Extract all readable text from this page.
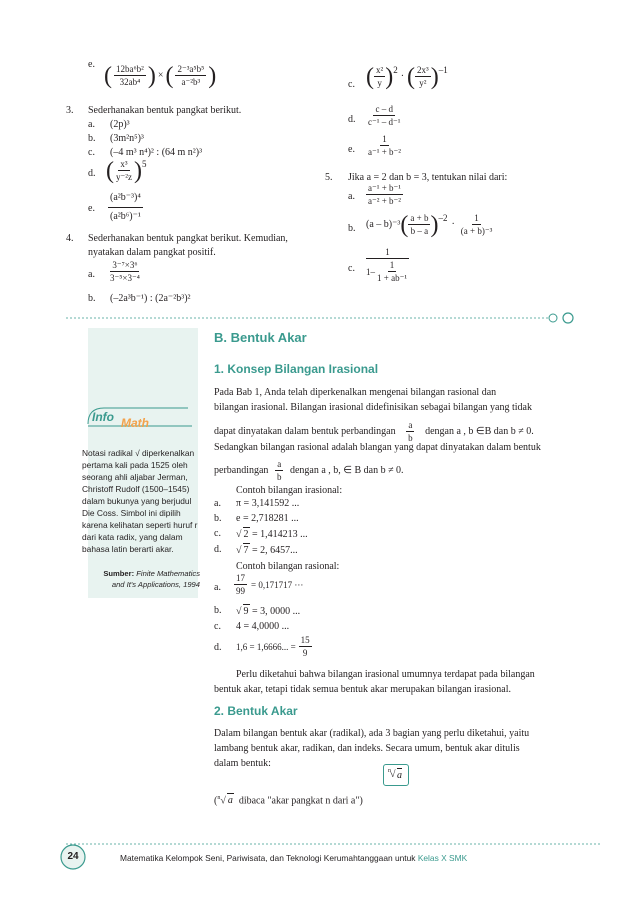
e. ( $\frac{\text{12ba⁶b²}}{\text{32ab⁴}}$ ) × ( $\frac{\text{2⁻³a⁵b⁵}}{\text{a⁻²b³}}$ )
3. Sederhanakan bentuk pangkat berikut.
a. (2p)³
b. (3m²n⁵)³
c. (–4 m³ n⁴)² : (64 m n²)³
d. ( $\frac{\text{x³}}{\text{y⁻²z}}$ ) 5
e. $\frac{\text{(a²b⁻³)⁴}}{\text{(a²b⁶)⁻¹}}$
4. Sederhanakan bentuk pangkat berikut. Kemudian,
nyatakan dalam pangkat positif.
a. $\frac{\text{3⁻⁷×3⁶}}{\text{3⁻⁵×3⁻⁴}}$
b. (–2a³b⁻¹) : (2a⁻²b³)²
c. ( $\frac{\text{x²}}{y}$ ) 2
· ( $\frac{\text{2x³}}{\text{y²}}$ ) –1
d. $\frac{c - d}{\text{c⁻¹ – d⁻¹}}$
e. $\frac{1}{\text{a⁻¹ + b⁻²}}$
5. Jika a = 2 dan b = 3, tentukan nilai dari:
a. $\frac{\text{a⁻¹ + b⁻¹}}{\text{a⁻² + b⁻²}}$
b. (a – b)⁻³ ( $\frac{a + b}{b - a}$ ) –2
· $\frac{1}{\text{(a + b)⁻³}}$
c.
1
$1- \frac{1}{\text{1 + ab⁻¹}}$
Info Math
Notasi radikal √ diperkenalkan pertama kali pada 1525 oleh seorang ahli aljabar Jerman, Christoff Rudolf (1500–1545) dalam bukunya yang berjudul Die Coss. Simbol ini dipilih karena kelihatan seperti huruf r dari kata radix, yang dalam bahasa latin berarti akar.
Sumber: Finite Mathematics and It's Applications, 1994
B. Bentuk Akar
1. Konsep Bilangan Irasional
Pada Bab 1, Anda telah diperkenalkan mengenai bilangan rasional dan
bilangan irasional. Bilangan irasional didefinisikan sebagai bilangan yang tidak
dapat dinyatakan dalam bentuk perbandingan $\frac{a}{b}$ dengan a , b ∈B dan b ≠ 0.
Sedangkan bilangan rasional adalah blangan yang dapat dinyatakan dalam bentuk
perbandingan $\frac{a}{b}$ dengan a , b, ∈ B dan b ≠ 0.
Contoh bilangan irasional:
a. π = 3,141592 ...
b. e = 2,718281 ...
c. √ 2 = 1,414213 ...
d. √ 7 = 2, 6457...
Contoh bilangan rasional:
a. $\frac{17}{99} = 0,171717$ ···
b. √ 9 = 3, 0000 ...
c. 4 = 4,0000 ...
d. 1,6 = 1,6666... = $\frac{15}{9}$
Perlu diketahui bahwa bilangan irasional umumnya terdapat pada bilangan
bentuk akar, tetapi tidak semua bentuk akar merupakan bilangan irasional.
2. Bentuk Akar
Dalam bilangan bentuk akar (radikal), ada 3 bagian yang perlu diketahui, yaitu
lambang bentuk akar, radikan, dan indeks. Secara umum, bentuk akar ditulis
dalam bentuk:
n √ a
($^n$√ a dibaca "akar pangkat n dari a")
24	Matematika Kelompok Seni, Pariwisata, dan Teknologi Kerumahtanggaan untuk Kelas X SMK
